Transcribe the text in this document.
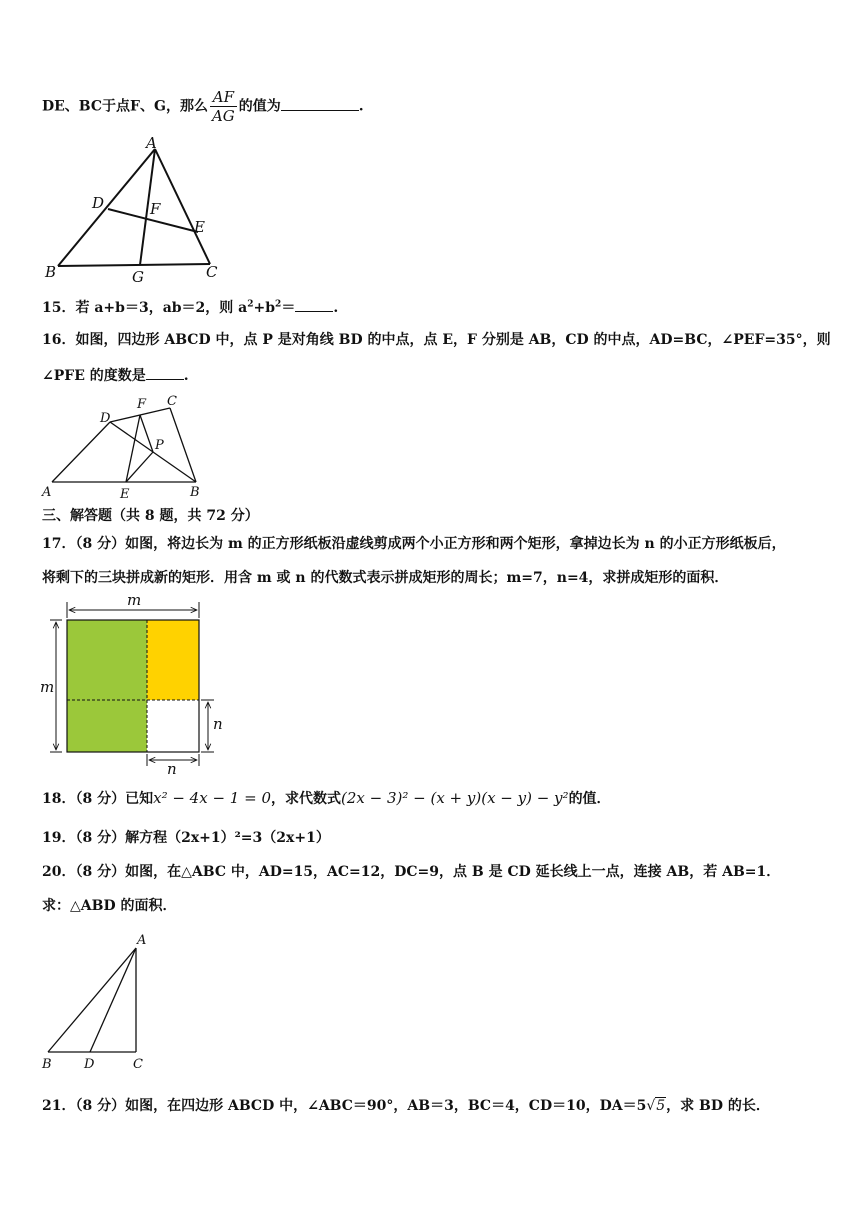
DE、BC于点F、G，那么 $\frac{AF}{AG}$ 的值为	.
A
D	F
E
B	G	C
15．若 a+b＝3，ab＝2，则 $a^2+b^2=$	.
16．如图，四边形 ABCD 中，点 P 是对角线 BD 的中点，点 E，F 分别是 AB，CD 的中点，AD=BC，∠PEF=35°，则
∠PFE 的度数是	.
D
F C
P
A	E	B
三、解答题（共 8 题，共 72 分）
17．（8 分）如图，将边长为 m 的正方形纸板沿虚线剪成两个小正方形和两个矩形，拿掉边长为 n 的小正方形纸板后，
将剩下的三块拼成新的矩形．用含 m 或 n 的代数式表示拼成矩形的周长；m=7，n=4，求拼成矩形的面积．
m
m
n
n
18．（8 分）已知x² − 4x − 1 = 0，求代数式(2x − 3)² − (x + y)(x − y) − y²的值．
19．（8 分）解方程（2x+1）²=3（2x+1）
20．（8 分）如图，在△ABC 中，AD=15，AC=12，DC=9，点 B 是 CD 延长线上一点，连接 AB，若 AB=1．
求：△ABD 的面积．
A
B D	C
21．（8 分）如图，在四边形 ABCD 中，∠ABC＝90°，AB＝3，BC＝4，CD＝10，DA＝5√5，求 BD 的长．
